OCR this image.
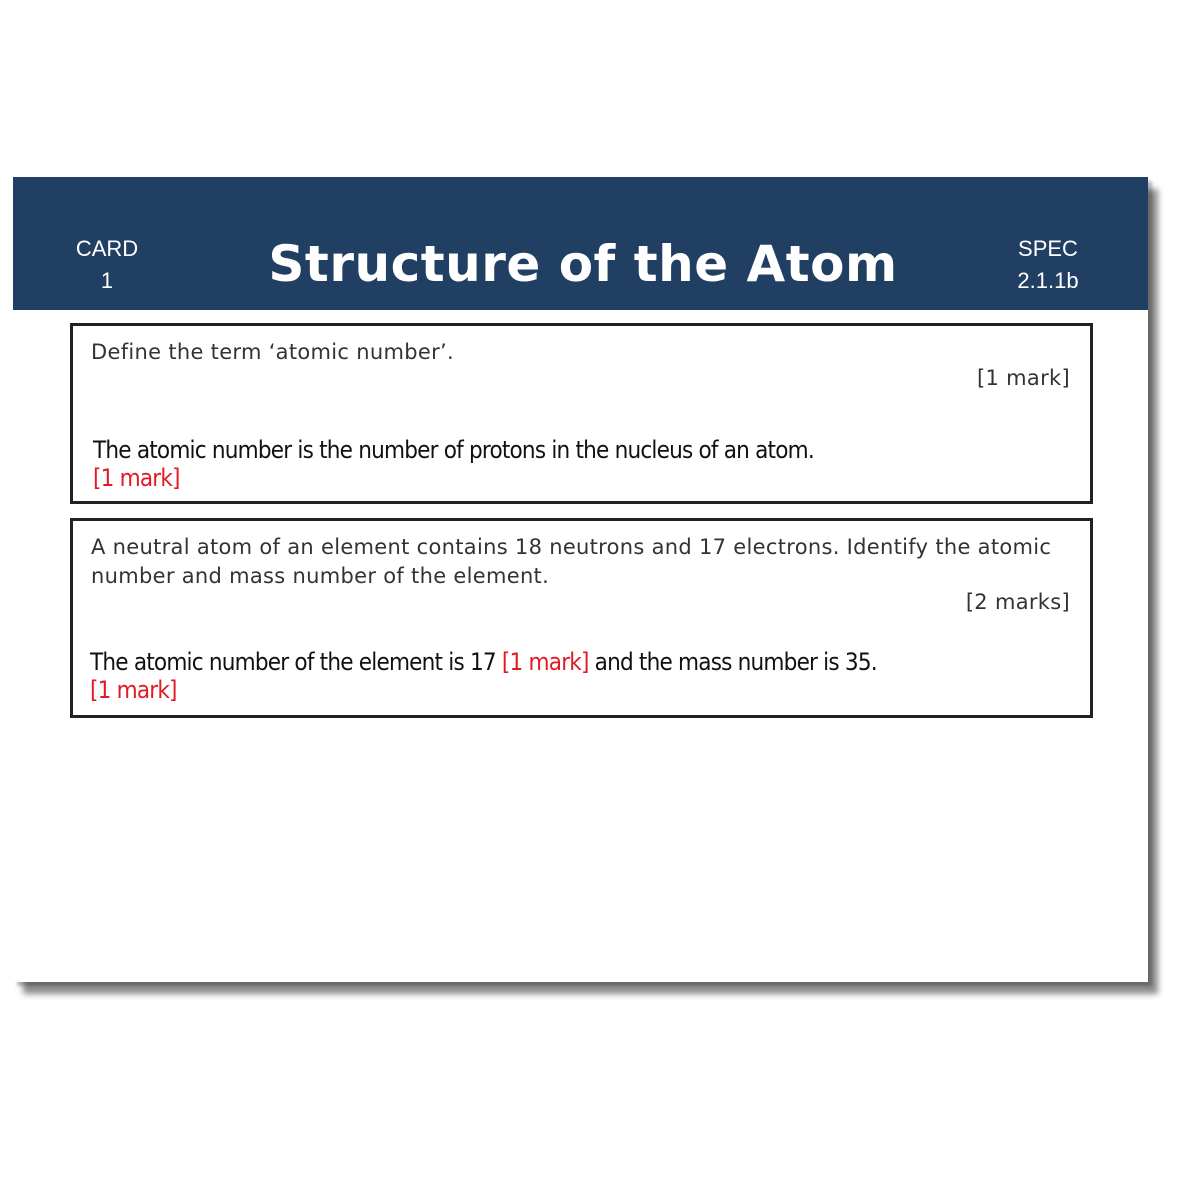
CARD
1	Structure of the Atom	SPEC
2.1.1b
Define the term ‘atomic number’.
[1 mark]
The atomic number is the number of protons in the nucleus of an atom.
[1 mark]
A neutral atom of an element contains 18 neutrons and 17 electrons. Identify the atomic number and mass number of the element.
[2 marks]
The atomic number of the element is 17 [1 mark] and the mass number is 35.
[1 mark]
